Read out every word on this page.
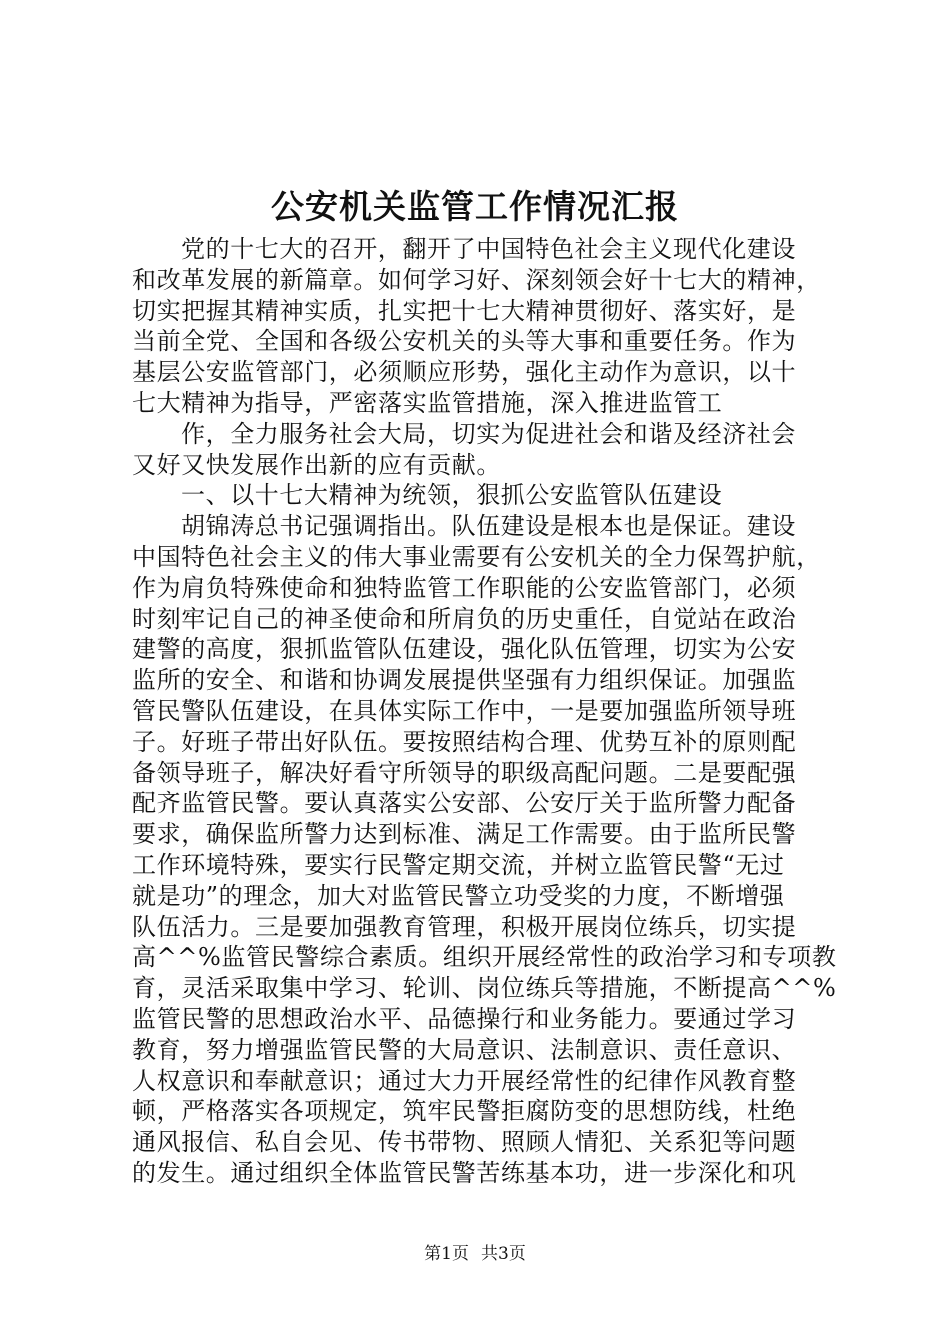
公安机关监管工作情况汇报
党的十七大的召开，翻开了中国特色社会主义现代化建设
和改革发展的新篇章。如何学习好、深刻领会好十七大的精神，
切实把握其精神实质，扎实把十七大精神贯彻好、落实好，是
当前全党、全国和各级公安机关的头等大事和重要任务。作为
基层公安监管部门，必须顺应形势，强化主动作为意识，以十
七大精神为指导，严密落实监管措施，深入推进监管工
作，全力服务社会大局，切实为促进社会和谐及经济社会
又好又快发展作出新的应有贡献。
一、以十七大精神为统领，狠抓公安监管队伍建设
胡锦涛总书记强调指出。队伍建设是根本也是保证。建设
中国特色社会主义的伟大事业需要有公安机关的全力保驾护航，
作为肩负特殊使命和独特监管工作职能的公安监管部门，必须
时刻牢记自己的神圣使命和所肩负的历史重任，自觉站在政治
建警的高度，狠抓监管队伍建设，强化队伍管理，切实为公安
监所的安全、和谐和协调发展提供坚强有力组织保证。加强监
管民警队伍建设，在具体实际工作中，一是要加强监所领导班
子。好班子带出好队伍。要按照结构合理、优势互补的原则配
备领导班子，解决好看守所领导的职级高配问题。二是要配强
配齐监管民警。要认真落实公安部、公安厅关于监所警力配备
要求，确保监所警力达到标准、满足工作需要。由于监所民警
工作环境特殊，要实行民警定期交流，并树立监管民警“无过
就是功”的理念，加大对监管民警立功受奖的力度，不断增强
队伍活力。三是要加强教育管理，积极开展岗位练兵，切实提
高^^%监管民警综合素质。组织开展经常性的政治学习和专项教
育，灵活采取集中学习、轮训、岗位练兵等措施，不断提高^^%
监管民警的思想政治水平、品德操行和业务能力。要通过学习
教育，努力增强监管民警的大局意识、法制意识、责任意识、
人权意识和奉献意识；通过大力开展经常性的纪律作风教育整
顿，严格落实各项规定，筑牢民警拒腐防变的思想防线，杜绝
通风报信、私自会见、传书带物、照顾人情犯、关系犯等问题
的发生。通过组织全体监管民警苦练基本功，进一步深化和巩
第1页 共3页
